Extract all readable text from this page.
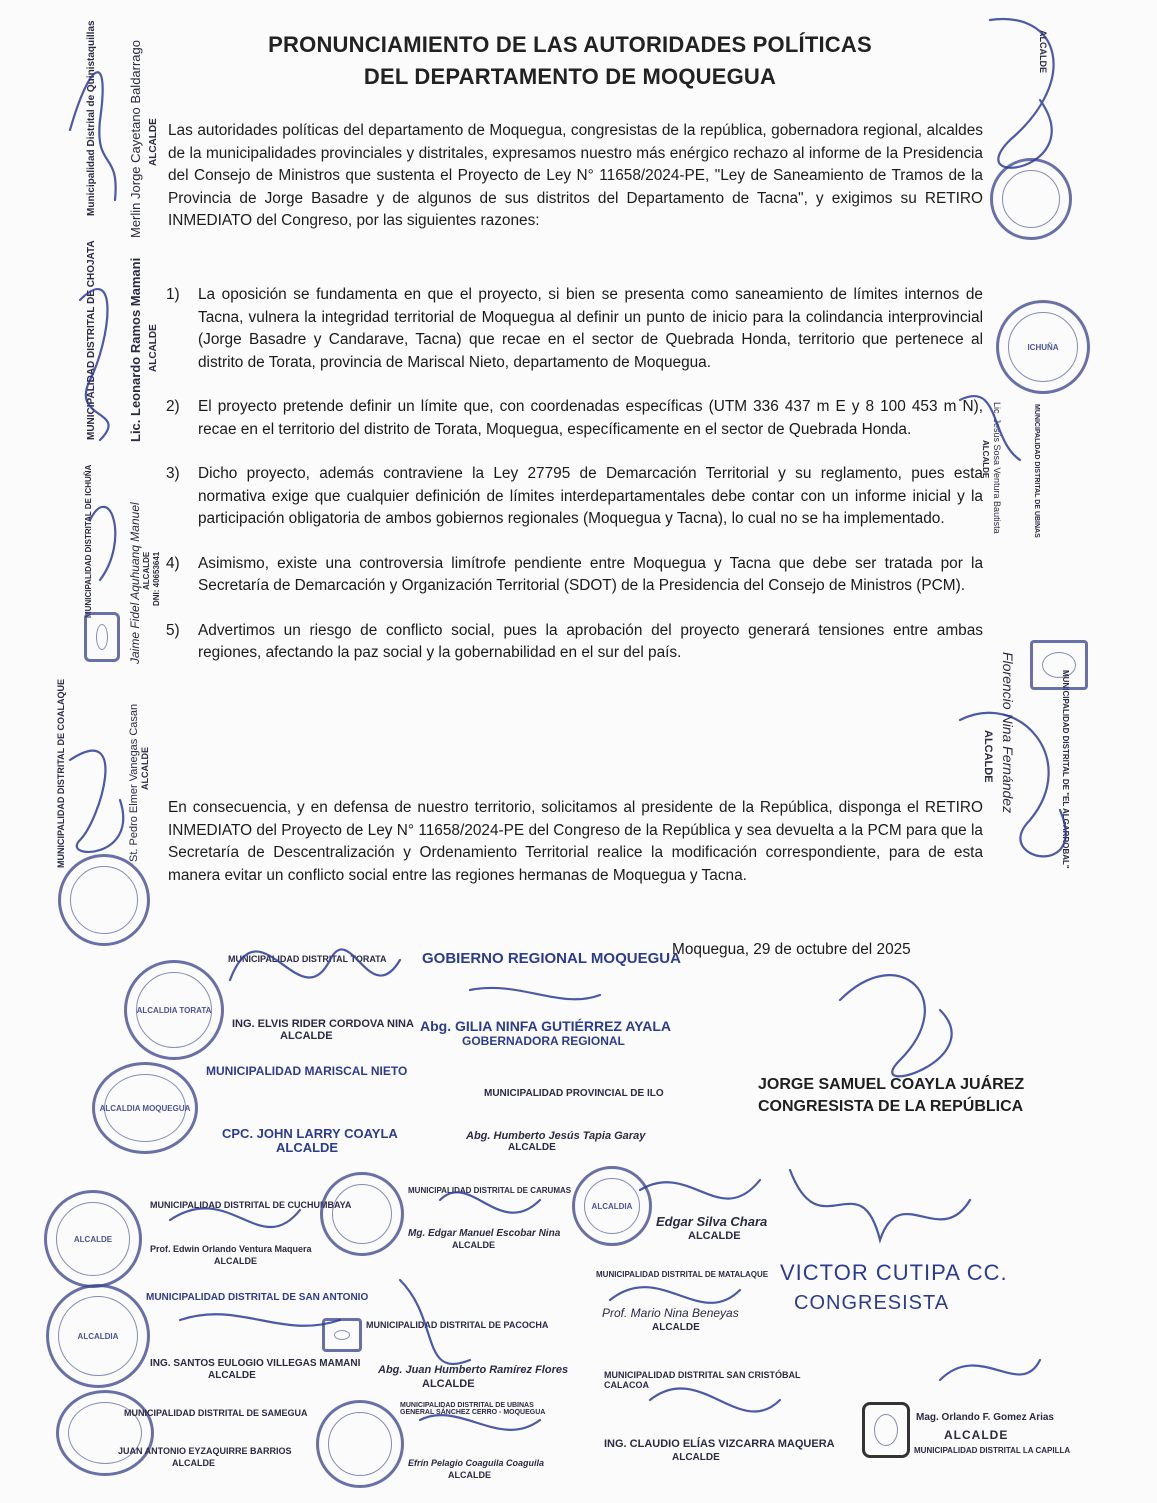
PRONUNCIAMIENTO DE LAS AUTORIDADES POLÍTICAS
DEL DEPARTAMENTO DE MOQUEGUA
Las autoridades políticas del departamento de Moquegua, congresistas de la república, gobernadora regional, alcaldes de la municipalidades provinciales y distritales, expresamos nuestro más enérgico rechazo al informe de la Presidencia del Consejo de Ministros que sustenta el Proyecto de Ley N° 11658/2024-PE, "Ley de Saneamiento de Tramos de la Provincia de Jorge Basadre y de algunos de sus distritos del Departamento de Tacna", y exigimos su RETIRO INMEDIATO del Congreso, por las siguientes razones:
1)	La oposición se fundamenta en que el proyecto, si bien se presenta como saneamiento de límites internos de Tacna, vulnera la integridad territorial de Moquegua al definir un punto de inicio para la colindancia interprovincial (Jorge Basadre y Candarave, Tacna) que recae en el sector de Quebrada Honda, territorio que pertenece al distrito de Torata, provincia de Mariscal Nieto, departamento de Moquegua.
2)	El proyecto pretende definir un límite que, con coordenadas específicas (UTM 336 437 m E y 8 100 453 m N), recae en el territorio del distrito de Torata, Moquegua, específicamente en el sector de Quebrada Honda.
3)	Dicho proyecto, además contraviene la Ley 27795 de Demarcación Territorial y su reglamento, pues esta normativa exige que cualquier definición de límites interdepartamentales debe contar con un informe inicial y la participación obligatoria de ambos gobiernos regionales (Moquegua y Tacna), lo cual no se ha implementado.
4)	Asimismo, existe una controversia limítrofe pendiente entre Moquegua y Tacna que debe ser tratada por la Secretaría de Demarcación y Organización Territorial (SDOT) de la Presidencia del Consejo de Ministros (PCM).
5)	Advertimos un riesgo de conflicto social, pues la aprobación del proyecto generará tensiones entre ambas regiones, afectando la paz social y la gobernabilidad en el sur del país.
En consecuencia, y en defensa de nuestro territorio, solicitamos al presidente de la República, disponga el RETIRO INMEDIATO del Proyecto de Ley N° 11658/2024-PE del Congreso de la República y sea devuelta a la PCM para que la Secretaría de Descentralización y Ordenamiento Territorial realice la modificación correspondiente, para de esta manera evitar un conflicto social entre las regiones hermanas de Moquegua y Tacna.
Moquegua, 29 de octubre del 2025
Municipalidad Distrital de Quinistaquillas Merlin Jorge Cayetano Baldarrago ALCALDE
MUNICIPALIDAD DISTRITAL DE CHOJATA Lic. Leonardo Ramos Mamani ALCALDE
MUNICIPALIDAD DISTRITAL DE ICHUÑA	Jaime Fidel Aquhuanq Manuel ALCALDE DNI: 40653641
MUNICIPALIDAD DISTRITAL DE COALAQUE	St. Pedro Elmer Vanegas Casan ALCALDE
ALCALDE
MUNICIPALIDAD DISTRITAL DE UBINAS
Lic. Jesús Sosa Ventura Bautista
ALCALDE
MUNICIPALIDAD DISTRITAL DE "EL ALGARROBAL"
Florencio Nina Fernández
ALCALDE
ICHUÑA
ALCALDIA TORATA
MUNICIPALIDAD DISTRITAL TORATA
ING. ELVIS RIDER CORDOVA NINA
ALCALDE
GOBIERNO REGIONAL MOQUEGUA
Abg. GILIA NINFA GUTIÉRREZ AYALA
GOBERNADORA REGIONAL
JORGE SAMUEL COAYLA JUÁREZ
CONGRESISTA DE LA REPÚBLICA
ALCALDIA MOQUEGUA
MUNICIPALIDAD MARISCAL NIETO
CPC. JOHN LARRY COAYLA
ALCALDE
MUNICIPALIDAD PROVINCIAL DE ILO
Abg. Humberto Jesús Tapia Garay
ALCALDE
ALCALDE
MUNICIPALIDAD DISTRITAL DE CUCHUMBAYA
Prof. Edwin Orlando Ventura Maquera
ALCALDE
MUNICIPALIDAD DISTRITAL DE CARUMAS
Mg. Edgar Manuel Escobar Nina
ALCALDE
ALCALDIA
Edgar Silva Chara
ALCALDE
VICTOR CUTIPA CC.
CONGRESISTA
ALCALDIA
MUNICIPALIDAD DISTRITAL DE SAN ANTONIO
ING. SANTOS EULOGIO VILLEGAS MAMANI
ALCALDE
MUNICIPALIDAD DISTRITAL DE PACOCHA
Abg. Juan Humberto Ramírez Flores
ALCALDE
MUNICIPALIDAD DISTRITAL DE MATALAQUE
Prof. Mario Nina Beneyas
ALCALDE
MUNICIPALIDAD DISTRITAL DE SAMEGUA
JUAN ANTONIO EYZAQUIRRE BARRIOS
ALCALDE
MUNICIPALIDAD DISTRITAL DE UBINAS GENERAL SÁNCHEZ CERRO - MOQUEGUA
Efrín Pelagio Coaguila Coaguila
ALCALDE
MUNICIPALIDAD DISTRITAL SAN CRISTÓBAL CALACOA
ING. CLAUDIO ELÍAS VIZCARRA MAQUERA
ALCALDE
Mag. Orlando F. Gomez Arias
ALCALDE
MUNICIPALIDAD DISTRITAL LA CAPILLA
